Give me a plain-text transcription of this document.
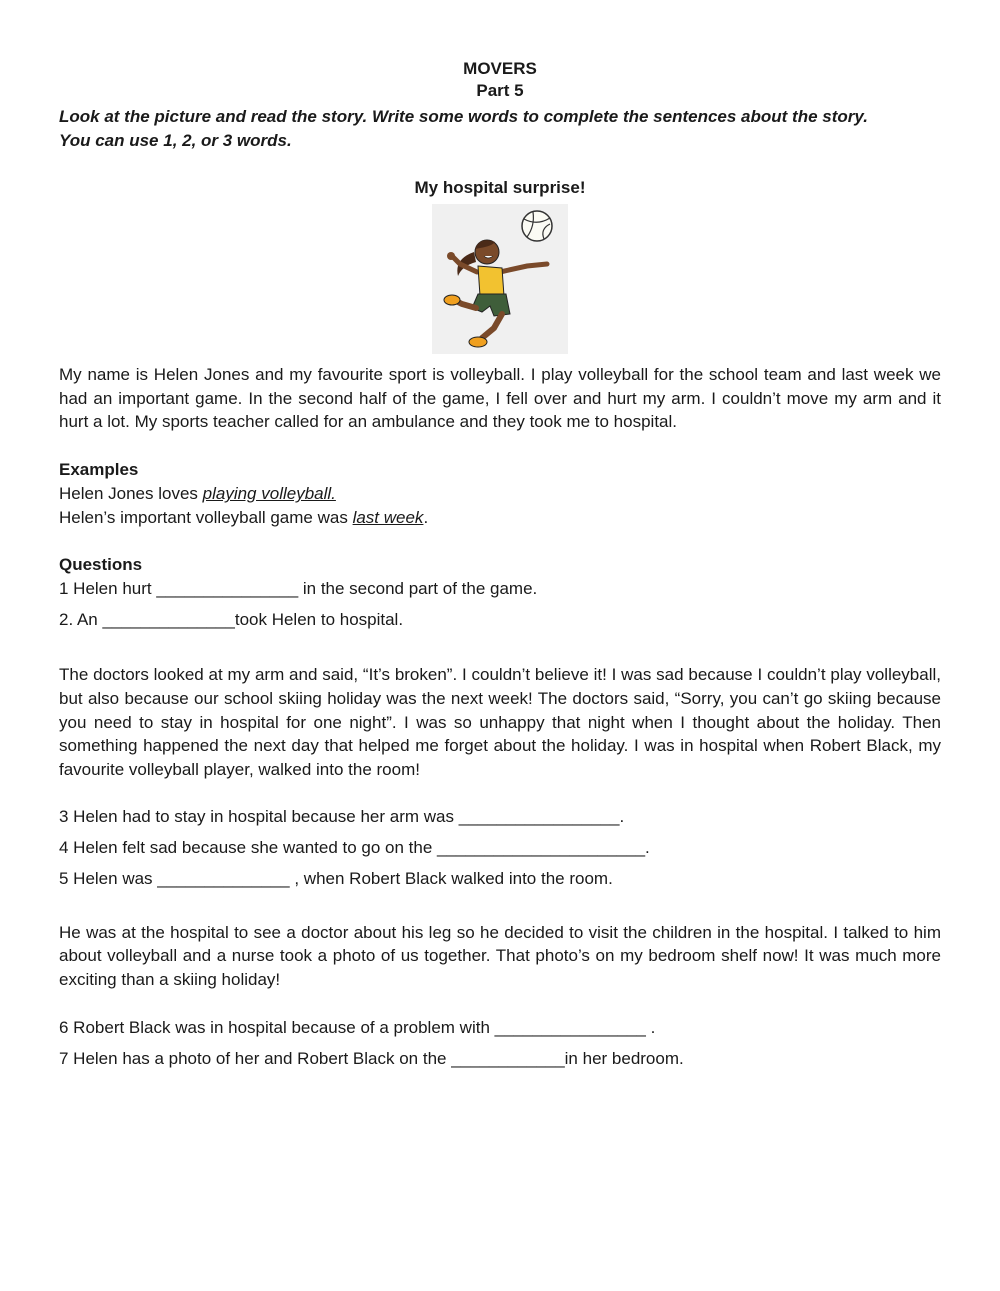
MOVERS
Part 5
Look at the picture and read the story. Write some words to complete the sentences about the story.
You can use 1, 2, or 3 words.
My hospital surprise!

My name is Helen Jones and my favourite sport is volleyball. I play volleyball for the school team and last week we had an important game. In the second half of the game, I fell over and hurt my arm. I couldn’t move my arm and it hurt a lot. My sports teacher called for an ambulance and they took me to hospital.

Examples
Helen Jones loves playing volleyball.
Helen’s important volleyball game was last week.
Questions
1 Helen hurt _______________ in the second part of the game.
2. An ______________took Helen to hospital.

The doctors looked at my arm and said, “It’s broken”. I couldn’t believe it! I was sad because I couldn’t play volleyball, but also because our school skiing holiday was the next week! The doctors said, “Sorry, you can’t go skiing because you need to stay in hospital for one night”. I was so unhappy that night when I thought about the holiday. Then something happened the next day that helped me forget about the holiday. I was in hospital when Robert Black, my favourite volleyball player, walked into the room!

3 Helen had to stay in hospital because her arm was _________________.
4 Helen felt sad because she wanted to go on the ______________________.
5 Helen was ______________ , when Robert Black walked into the room.

He was at the hospital to see a doctor about his leg so he decided to visit the children in the hospital. I talked to him about volleyball and a nurse took a photo of us together. That photo’s on my bedroom shelf now! It was much more exciting than a skiing holiday!

6 Robert Black was in hospital because of a problem with ________________ .
7 Helen has a photo of her and Robert Black on the ____________in her bedroom.
